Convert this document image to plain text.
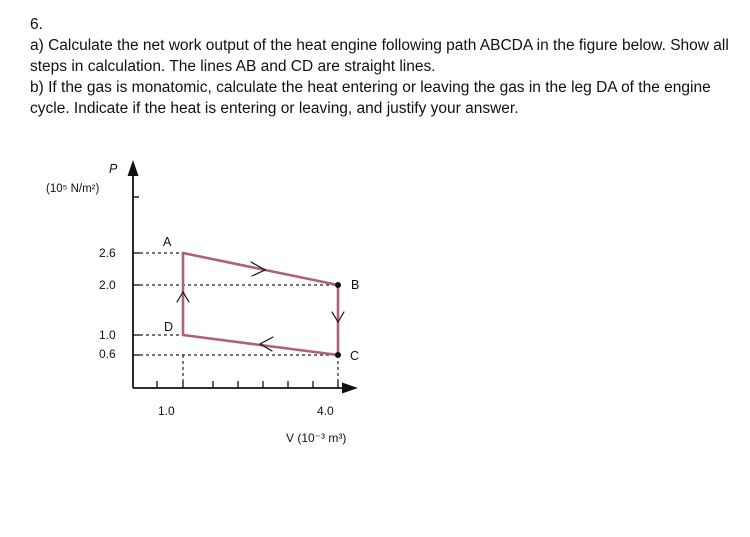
6.

a) Calculate the net work output of the heat engine following path ABCDA in the figure below. Show all steps in calculation. The lines AB and CD are straight lines.

b) If the gas is monatomic, calculate the heat entering or leaving the gas in the leg DA of the engine cycle. Indicate if the heat is entering or leaving, and justify your answer.

P
(10⁵ N/m²)
2.6
2.0
1.0
0.6
1.0	4.0
V (10⁻³ m³)
A
B
C
D
